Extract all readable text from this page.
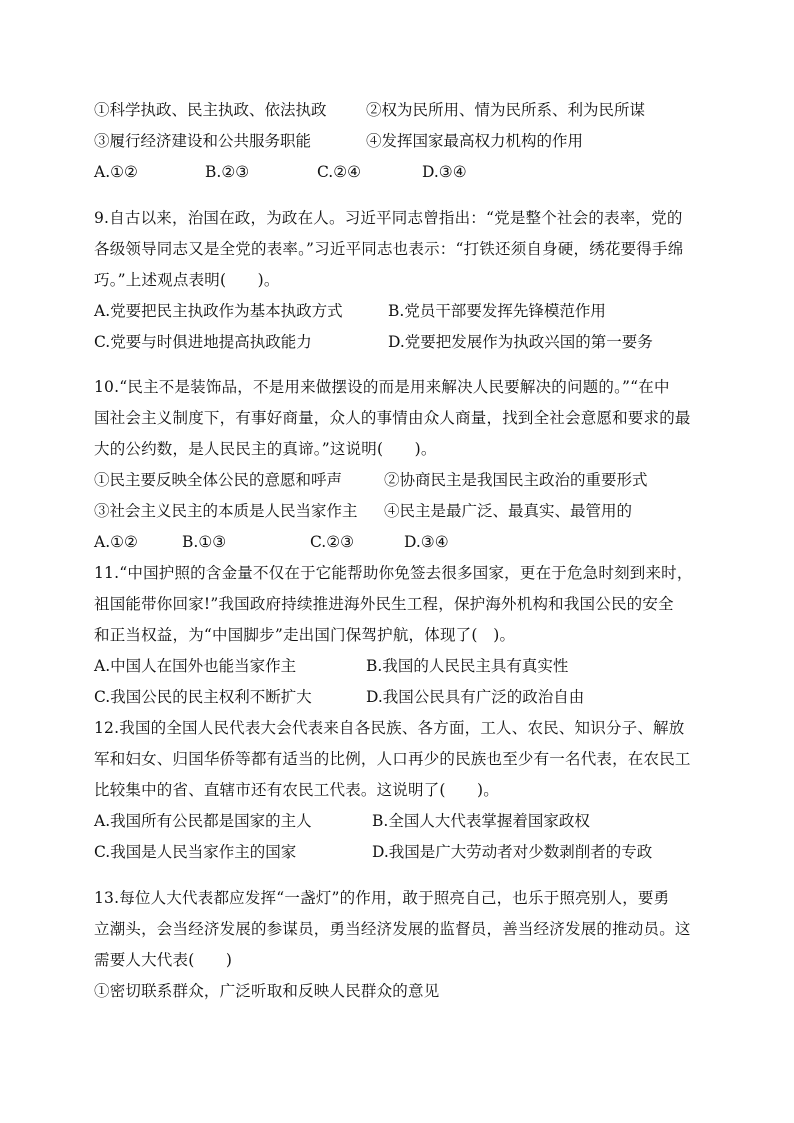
①科学执政、民主执政、依法执政	②权为民所用、情为民所系、利为民所谋
③履行经济建设和公共服务职能	④发挥国家最高权力机构的作用
A.①②	B.②③	C.②④	D.③④
9.自古以来，治国在政，为政在人。习近平同志曾指出：“党是整个社会的表率，党的
各级领导同志又是全党的表率。”习近平同志也表示：“打铁还须自身硬，绣花要得手绵
巧。”上述观点表明(　　)。
A.党要把民主执政作为基本执政方式	B.党员干部要发挥先锋模范作用
C.党要与时俱进地提高执政能力	D.党要把发展作为执政兴国的第一要务
10.“民主不是装饰品，不是用来做摆设的而是用来解决人民要解决的问题的。”“在中
国社会主义制度下，有事好商量，众人的事情由众人商量，找到全社会意愿和要求的最
大的公约数，是人民民主的真谛。”这说明(　　)。
①民主要反映全体公民的意愿和呼声	②协商民主是我国民主政治的重要形式
③社会主义民主的本质是人民当家作主 ④民主是最广泛、最真实、最管用的
A.①②	B.①③	C.②③	D.③④
11.“中国护照的含金量不仅在于它能帮助你免签去很多国家，更在于危急时刻到来时，
祖国能带你回家!”我国政府持续推进海外民生工程，保护海外机构和我国公民的安全
和正当权益，为“中国脚步”走出国门保驾护航，体现了(　)。
A.中国人在国外也能当家作主	B.我国的人民民主具有真实性
C.我国公民的民主权利不断扩大	D.我国公民具有广泛的政治自由
12.我国的全国人民代表大会代表来自各民族、各方面，工人、农民、知识分子、解放
军和妇女、归国华侨等都有适当的比例，人口再少的民族也至少有一名代表，在农民工
比较集中的省、直辖市还有农民工代表。这说明了(　　)。
A.我国所有公民都是国家的主人	B.全国人大代表掌握着国家政权
C.我国是人民当家作主的国家	D.我国是广大劳动者对少数剥削者的专政
13.每位人大代表都应发挥“一盏灯”的作用，敢于照亮自己，也乐于照亮别人，要勇
立潮头，会当经济发展的参谋员，勇当经济发展的监督员，善当经济发展的推动员。这
需要人大代表(　　)
①密切联系群众，广泛听取和反映人民群众的意见
